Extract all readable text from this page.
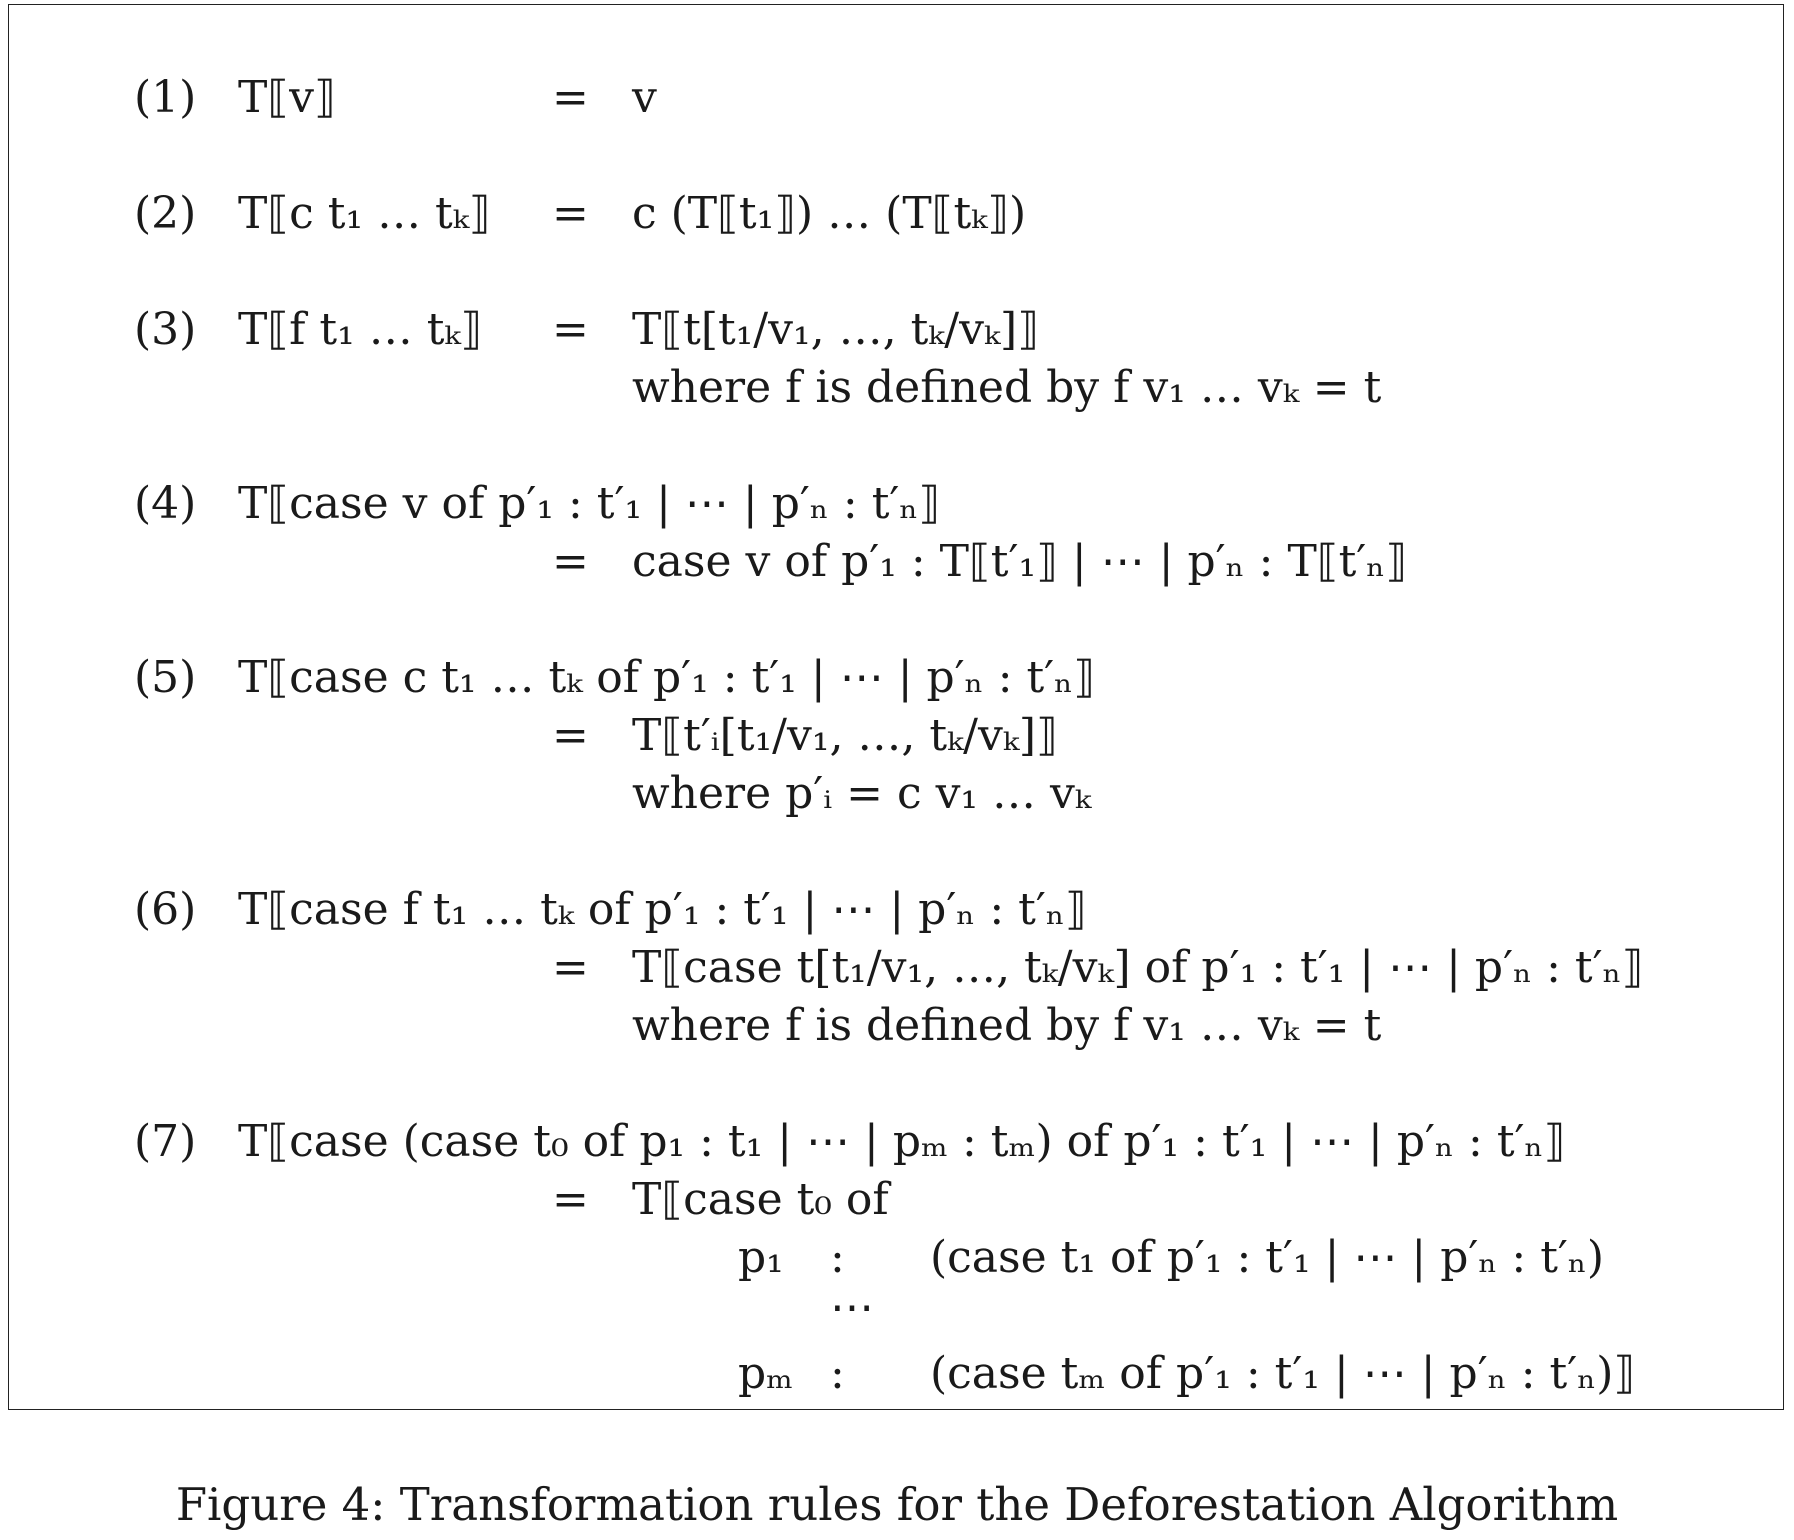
(1) T⟦v⟧	= v
(2) T⟦c t₁ … tₖ⟧ = c (T⟦t₁⟧) … (T⟦tₖ⟧)
(3) T⟦f t₁ … tₖ⟧ = T⟦t[t₁/v₁, …, tₖ/vₖ]⟧
where f is defined by f v₁ … vₖ = t
(4) T⟦case v of p′₁ : t′₁ | ⋯ | p′ₙ : t′ₙ⟧
= case v of p′₁ : T⟦t′₁⟧ | ⋯ | p′ₙ : T⟦t′ₙ⟧
(5) T⟦case c t₁ … tₖ of p′₁ : t′₁ | ⋯ | p′ₙ : t′ₙ⟧
= T⟦t′ᵢ[t₁/v₁, …, tₖ/vₖ]⟧
where p′ᵢ = c v₁ … vₖ
(6) T⟦case f t₁ … tₖ of p′₁ : t′₁ | ⋯ | p′ₙ : t′ₙ⟧
= T⟦case t[t₁/v₁, …, tₖ/vₖ] of p′₁ : t′₁ | ⋯ | p′ₙ : t′ₙ⟧
where f is defined by f v₁ … vₖ = t
(7) T⟦case (case t₀ of p₁ : t₁ | ⋯ | pₘ : tₘ) of p′₁ : t′₁ | ⋯ | p′ₙ : t′ₙ⟧
= T⟦case t₀ of
p₁ : (case t₁ of p′₁ : t′₁ | ⋯ | p′ₙ : t′ₙ)
⋯
pₘ : (case tₘ of p′₁ : t′₁ | ⋯ | p′ₙ : t′ₙ)⟧
Figure 4: Transformation rules for the Deforestation Algorithm
